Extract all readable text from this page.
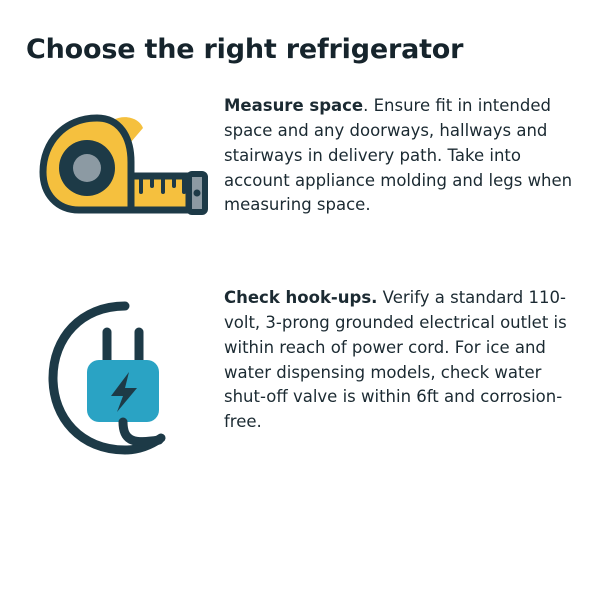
Choose the right refrigerator
Measure space. Ensure fit in intended space and any doorways, hallways and stairways in delivery path. Take into account appliance molding and legs when measuring space.
Check hook-ups. Verify a standard 110-volt, 3-prong grounded electrical outlet is within reach of power cord. For ice and water dispensing models, check water shut-off valve is within 6ft and corrosion-free.
